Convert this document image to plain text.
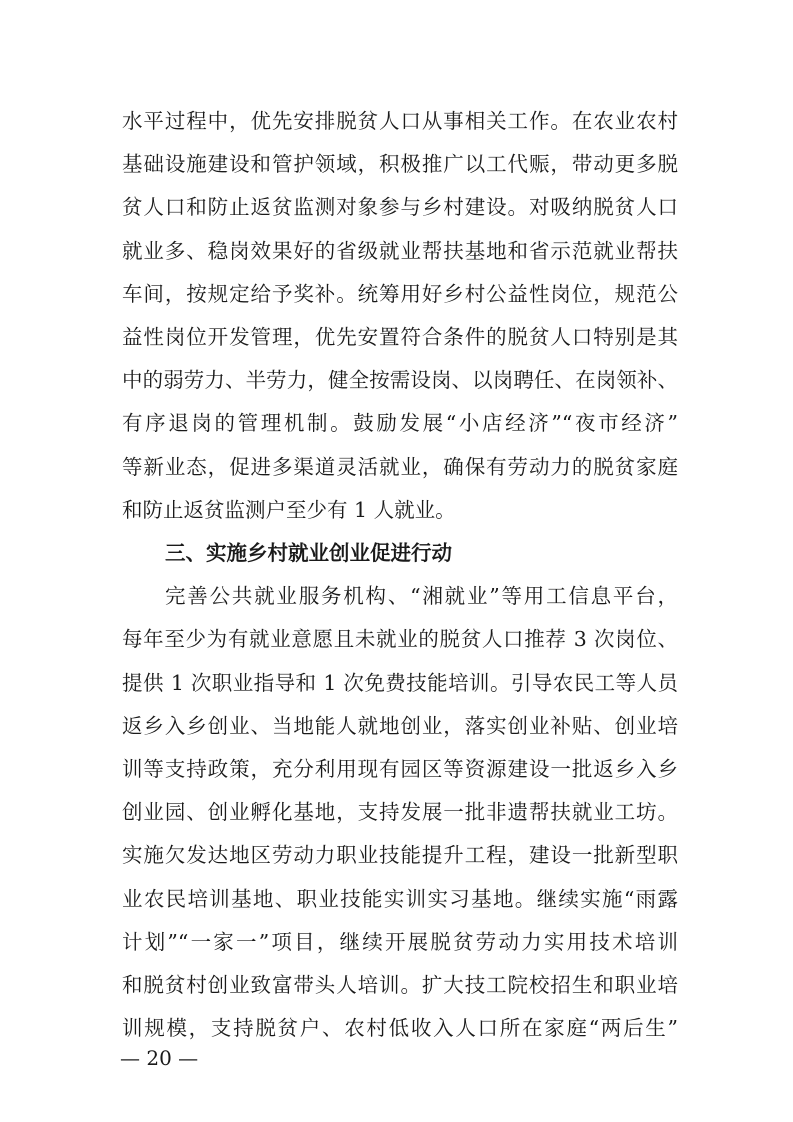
水平过程中，优先安排脱贫人口从事相关工作。在农业农村
基础设施建设和管护领域，积极推广以工代赈，带动更多脱
贫人口和防止返贫监测对象参与乡村建设。对吸纳脱贫人口
就业多、稳岗效果好的省级就业帮扶基地和省示范就业帮扶
车间，按规定给予奖补。统筹用好乡村公益性岗位，规范公
益性岗位开发管理，优先安置符合条件的脱贫人口特别是其
中的弱劳力、半劳力，健全按需设岗、以岗聘任、在岗领补、
有序退岗的管理机制。鼓励发展“小店经济”“夜市经济”
等新业态，促进多渠道灵活就业，确保有劳动力的脱贫家庭
和防止返贫监测户至少有 1 人就业。
三、实施乡村就业创业促进行动
完善公共就业服务机构、“湘就业”等用工信息平台，
每年至少为有就业意愿且未就业的脱贫人口推荐 3 次岗位、
提供 1 次职业指导和 1 次免费技能培训。引导农民工等人员
返乡入乡创业、当地能人就地创业，落实创业补贴、创业培
训等支持政策，充分利用现有园区等资源建设一批返乡入乡
创业园、创业孵化基地，支持发展一批非遗帮扶就业工坊。
实施欠发达地区劳动力职业技能提升工程，建设一批新型职
业农民培训基地、职业技能实训实习基地。继续实施“雨露
计划”“一家一”项目，继续开展脱贫劳动力实用技术培训
和脱贫村创业致富带头人培训。扩大技工院校招生和职业培
— 20 —
训规模，支持脱贫户、农村低收入人口所在家庭“两后生”
